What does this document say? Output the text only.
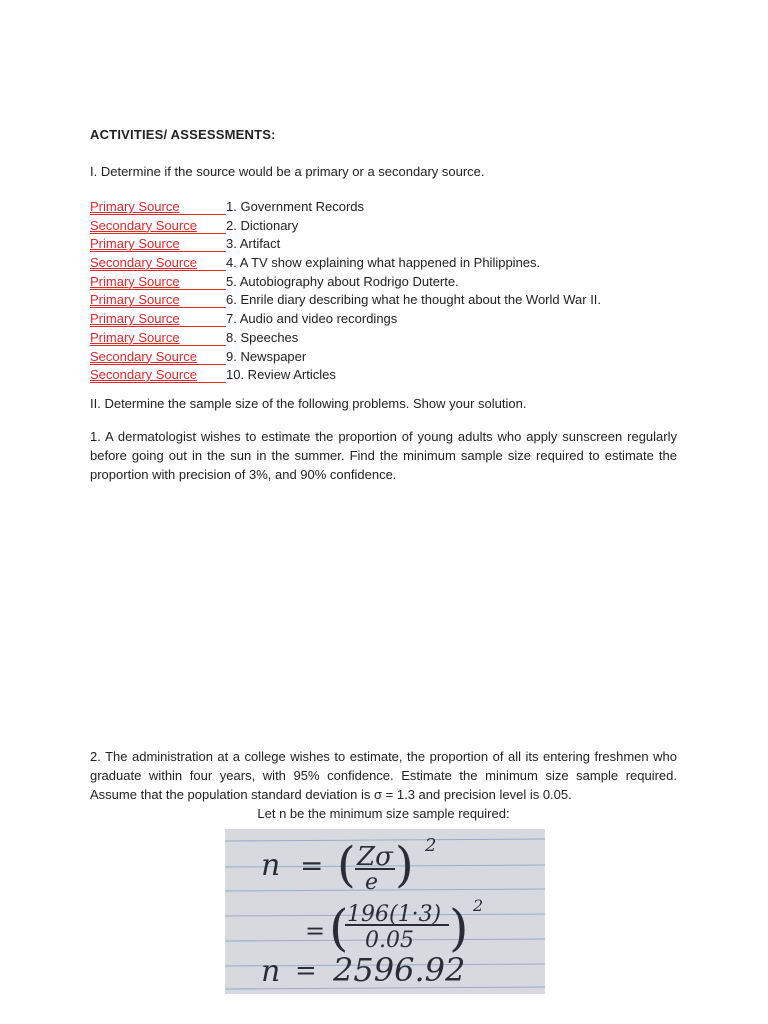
ACTIVITIES/ ASSESSMENTS:
I. Determine if the source would be a primary or a secondary source.
Primary Source	1. Government Records
Secondary Source 2. Dictionary
Primary Source	3. Artifact
Secondary Source 4. A TV show explaining what happened in Philippines.
Primary Source	5. Autobiography about Rodrigo Duterte.
Primary Source	6. Enrile diary describing what he thought about the World War II.
Primary Source	7. Audio and video recordings
Primary Source	8. Speeches
Secondary Source 9. Newspaper
Secondary Source 10. Review Articles
II. Determine the sample size of the following problems. Show your solution.
1. A dermatologist wishes to estimate the proportion of young adults who apply sunscreen regularly before going out in the sun in the summer. Find the minimum sample size required to estimate the proportion with precision of 3%, and 90% confidence.
2. The administration at a college wishes to estimate, the proportion of all its entering freshmen who graduate within four years, with 95% confidence. Estimate the minimum size sample required. Assume that the population standard deviation is σ = 1.3 and precision level is 0.05.
Let n be the minimum size sample required:
n = ( Zσ
e ) 2
= (
196(1·3)
0.05 ) 2
n = 2596.92
